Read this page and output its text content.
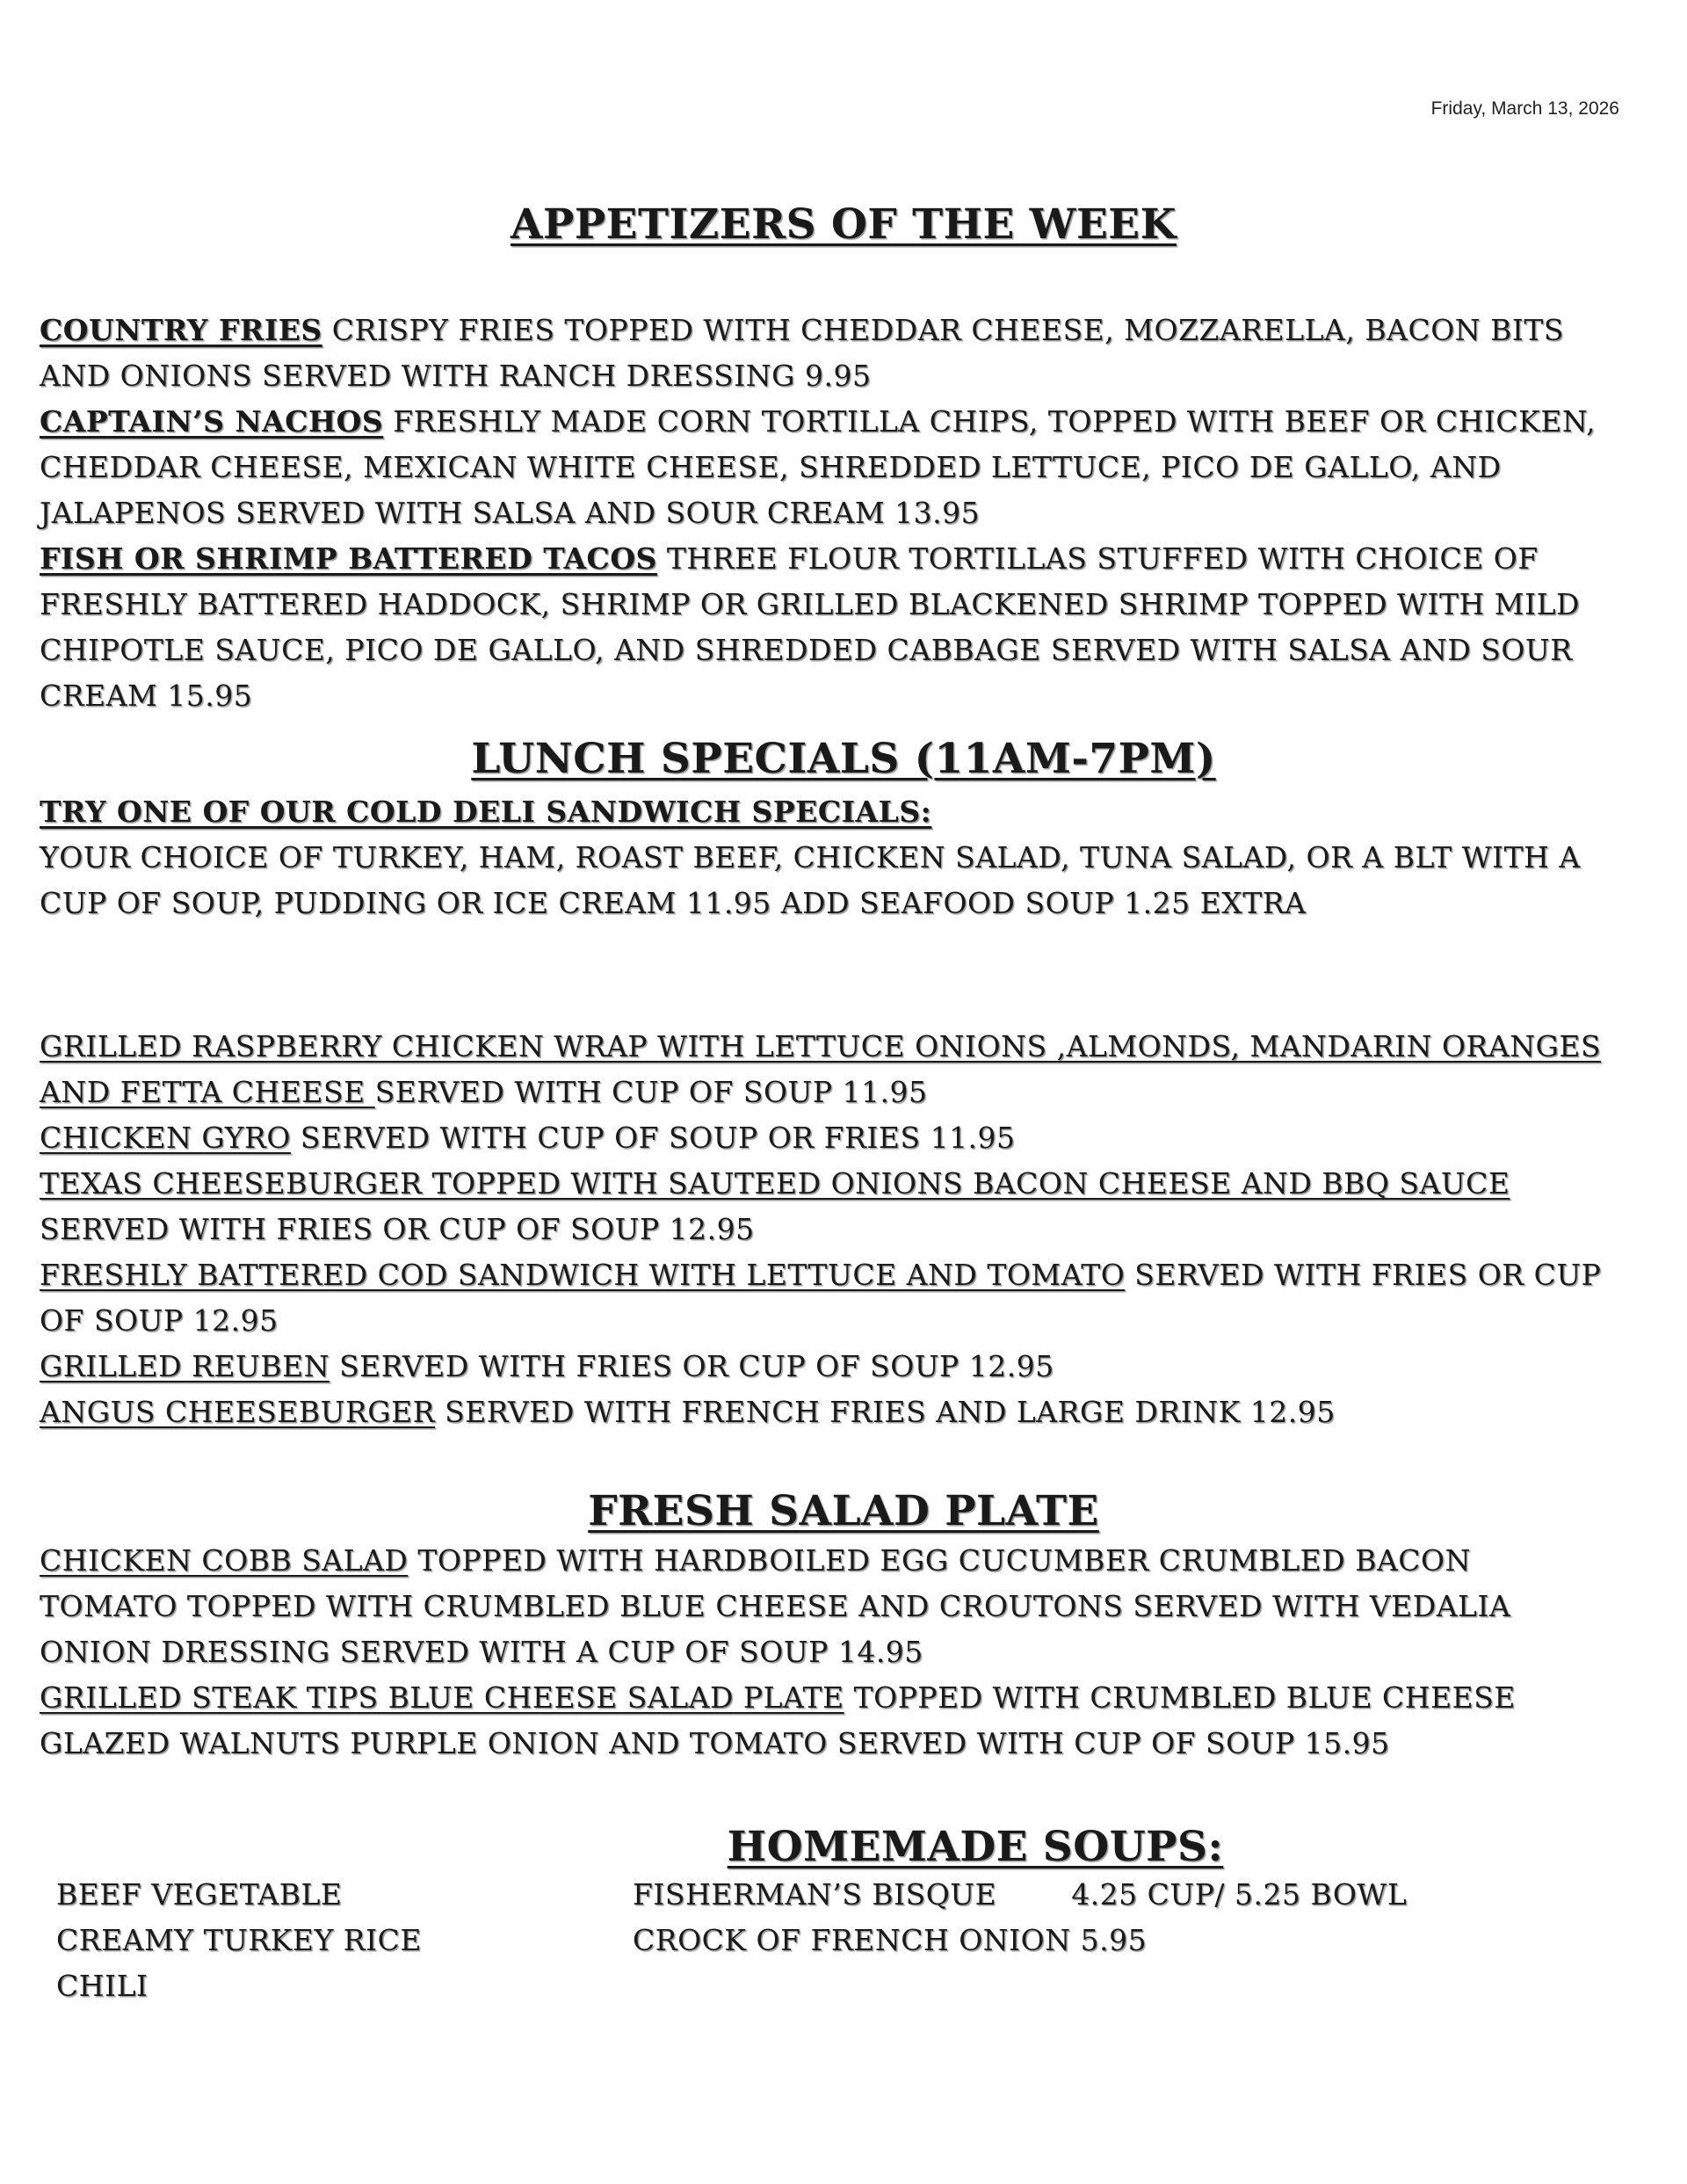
Friday, March 13, 2026
APPETIZERS OF THE WEEK

COUNTRY FRIES CRISPY FRIES TOPPED WITH CHEDDAR CHEESE, MOZZARELLA, BACON BITS AND ONIONS SERVED WITH RANCH DRESSING 9.95

CAPTAIN’S NACHOS FRESHLY MADE CORN TORTILLA CHIPS, TOPPED WITH BEEF OR CHICKEN, CHEDDAR CHEESE, MEXICAN WHITE CHEESE, SHREDDED LETTUCE, PICO DE GALLO, AND JALAPENOS SERVED WITH SALSA AND SOUR CREAM 13.95

FISH OR SHRIMP BATTERED TACOS THREE FLOUR TORTILLAS STUFFED WITH CHOICE OF FRESHLY BATTERED HADDOCK, SHRIMP OR GRILLED BLACKENED SHRIMP TOPPED WITH MILD CHIPOTLE SAUCE, PICO DE GALLO, AND SHREDDED CABBAGE SERVED WITH SALSA AND SOUR CREAM 15.95

LUNCH SPECIALS (11AM-7PM)

TRY ONE OF OUR COLD DELI SANDWICH SPECIALS:

YOUR CHOICE OF TURKEY, HAM, ROAST BEEF, CHICKEN SALAD, TUNA SALAD, OR A BLT WITH A CUP OF SOUP, PUDDING OR ICE CREAM 11.95 ADD SEAFOOD SOUP 1.25 EXTRA

GRILLED RASPBERRY CHICKEN WRAP WITH LETTUCE ONIONS ,ALMONDS, MANDARIN ORANGES AND FETTA CHEESE SERVED WITH CUP OF SOUP 11.95

CHICKEN GYRO SERVED WITH CUP OF SOUP OR FRIES 11.95

TEXAS CHEESEBURGER TOPPED WITH SAUTEED ONIONS BACON CHEESE AND BBQ SAUCE SERVED WITH FRIES OR CUP OF SOUP 12.95

FRESHLY BATTERED COD SANDWICH WITH LETTUCE AND TOMATO SERVED WITH FRIES OR CUP OF SOUP 12.95

GRILLED REUBEN SERVED WITH FRIES OR CUP OF SOUP 12.95

ANGUS CHEESEBURGER SERVED WITH FRENCH FRIES AND LARGE DRINK 12.95

FRESH SALAD PLATE

CHICKEN COBB SALAD TOPPED WITH HARDBOILED EGG CUCUMBER CRUMBLED BACON TOMATO TOPPED WITH CRUMBLED BLUE CHEESE AND CROUTONS SERVED WITH VEDALIA ONION DRESSING SERVED WITH A CUP OF SOUP 14.95

GRILLED STEAK TIPS BLUE CHEESE SALAD PLATE TOPPED WITH CRUMBLED BLUE CHEESE GLAZED WALNUTS PURPLE ONION AND TOMATO SERVED WITH CUP OF SOUP 15.95

HOMEMADE SOUPS:

BEEF VEGETABLE

CREAMY TURKEY RICE

CHILI

FISHERMAN’S BISQUE	4.25 CUP/ 5.25 BOWL

CROCK OF FRENCH ONION 5.95
